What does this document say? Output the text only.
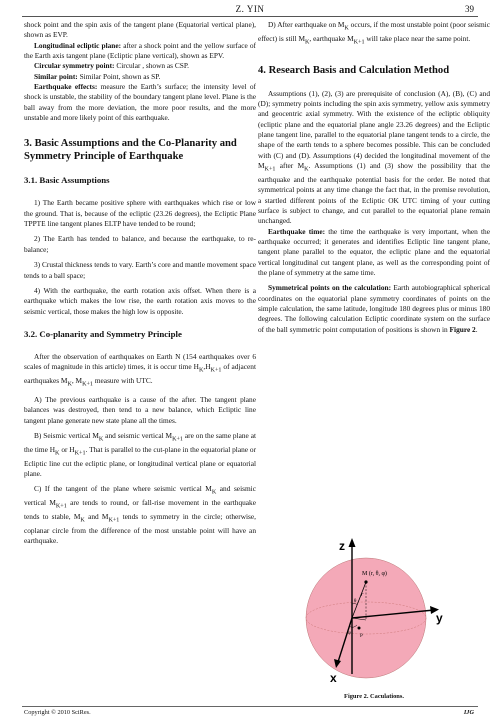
Z. YIN	39

shock point and the spin axis of the tangent plane (Equatorial vertical plane), shown as EVP.

Longitudinal ecliptic plane: after a shock point and the yellow surface of the Earth axis tangent plane (Ecliptic plane vertical), shown as EPV.

Circular symmetry point: Circular , shown as CSP.

Similar point: Similar Point, shown as SP.

Earthquake effects: measure the Earth’s surface; the intensity level of shock is unstable, the stability of the boundary tangent plane level. Plane is the ball away from the more deviation, the more poor results, and the more unstable and more likely point of this earthquake.

3. Basic Assumptions and the Co-Planarity and Symmetry Principle of Earthquake
3.1. Basic Assumptions

1) The Earth became positive sphere with earthquakes which rise or low the ground. That is, because of the ecliptic (23.26 degrees), the Ecliptic Plane TPPTE line tangent planes ELTP have tended to be round;

2) The Earth has tended to balance, and because the earthquake, to re-balance;

3) Crustal thickness tends to vary. Earth’s core and mantle movement space tends to a ball space;

4) With the earthquake, the earth rotation axis offset. When there is a earthquake which makes the low rise, the earth rotation axis moves to the seismic vertical, those makes the high low is opposite.

3.2. Co-planarity and Symmetry Principle

After the observation of earthquakes on Earth N (154 earthquakes over 6 scales of magnitude in this article) times, it is occur time $H_K,H_{K+1}$ of adjacent earthquakes $M_K$, $M_{K+1}$ measure with UTC.

A) The previous earthquake is a cause of the after. The tangent plane balances was destroyed, then tend to a new balance, which Ecliptic line tangent plane generate new state plane all the times.

B) Seismic vertical $M_K$ and seismic vertical $M_{K+1}$ are on the same plane at the time $H_K$ or $H_{K+1}$. That is parallel to the cut-plane in the equatorial plane or Ecliptic line cut the ecliptic plane, or longitudinal vertical plane or equatorial plane.

C) If the tangent of the plane where seismic vertical $M_K$ and seismic vertical $M_{K+1}$ are tends to round, or fall-rise movement in the earthquake tends to stable, $M_K$ and $M_{K+1}$ tends to symmetry in the circle; otherwise, coplanar circle from the difference of the most unstable point will have an earthquake.

D) After earthquake on $M_K$ occurs, if the most unstable point (poor seismic effect) is still $M_K$, earthquake $M_{K+1}$ will take place near the same point.

4. Research Basis and Calculation Method

Assumptions (1), (2), (3) are prerequisite of conclusion (A), (B), (C) and (D); symmetry points including the spin axis symmetry, yellow axis symmetry and geocentric axial symmetry. With the existence of the ecliptic obliquity (ecliptic plane and the equatorial plane angle 23.26 degrees) and the Ecliptic plane tangent line, parallel to the equatorial plane tangent tends to a circle, the shape of the earth tends to a sphere becomes possible. This can be concluded with (C) and (D). Assumptions (4) decided the longitudinal movement of the $M_{K+1}$ after $M_K$. Assumptions (1) and (3) show the possibility that the earthquake and the earthquake potential basis for the order. Be noted that symmetrical points at any time change the fact that, in the premise revolution, a startled different points of the Ecliptic OK UTC timing of your cutting surface is subject to change, and cut parallel to the equatorial plane remain unchanged.

Earthquake time: the time the earthquake is very important, when the earthquake occurred; it generates and identifies Ecliptic line tangent plane, tangent plane parallel to the equator, the ecliptic plane and the equatorial vertical longitudinal cut tangent plane, as well as the corresponding point of the plane of symmetry at the same time.

Symmetrical points on the calculation: Earth autobiographical spherical coordinates on the equatorial plane symmetry coordinates of points on the simple calculation, the same latitude, longitude 180 degrees plus or minus 180 degrees. The following calculation Ecliptic coordinate system on the surface of the ball symmetric point computation of positions is shown in Figure 2.

z
y
x
M (r, θ, φ)
r
θ
φ
P
Figure 2. Caculations.
Copyright © 2010 SciRes.	IJG
